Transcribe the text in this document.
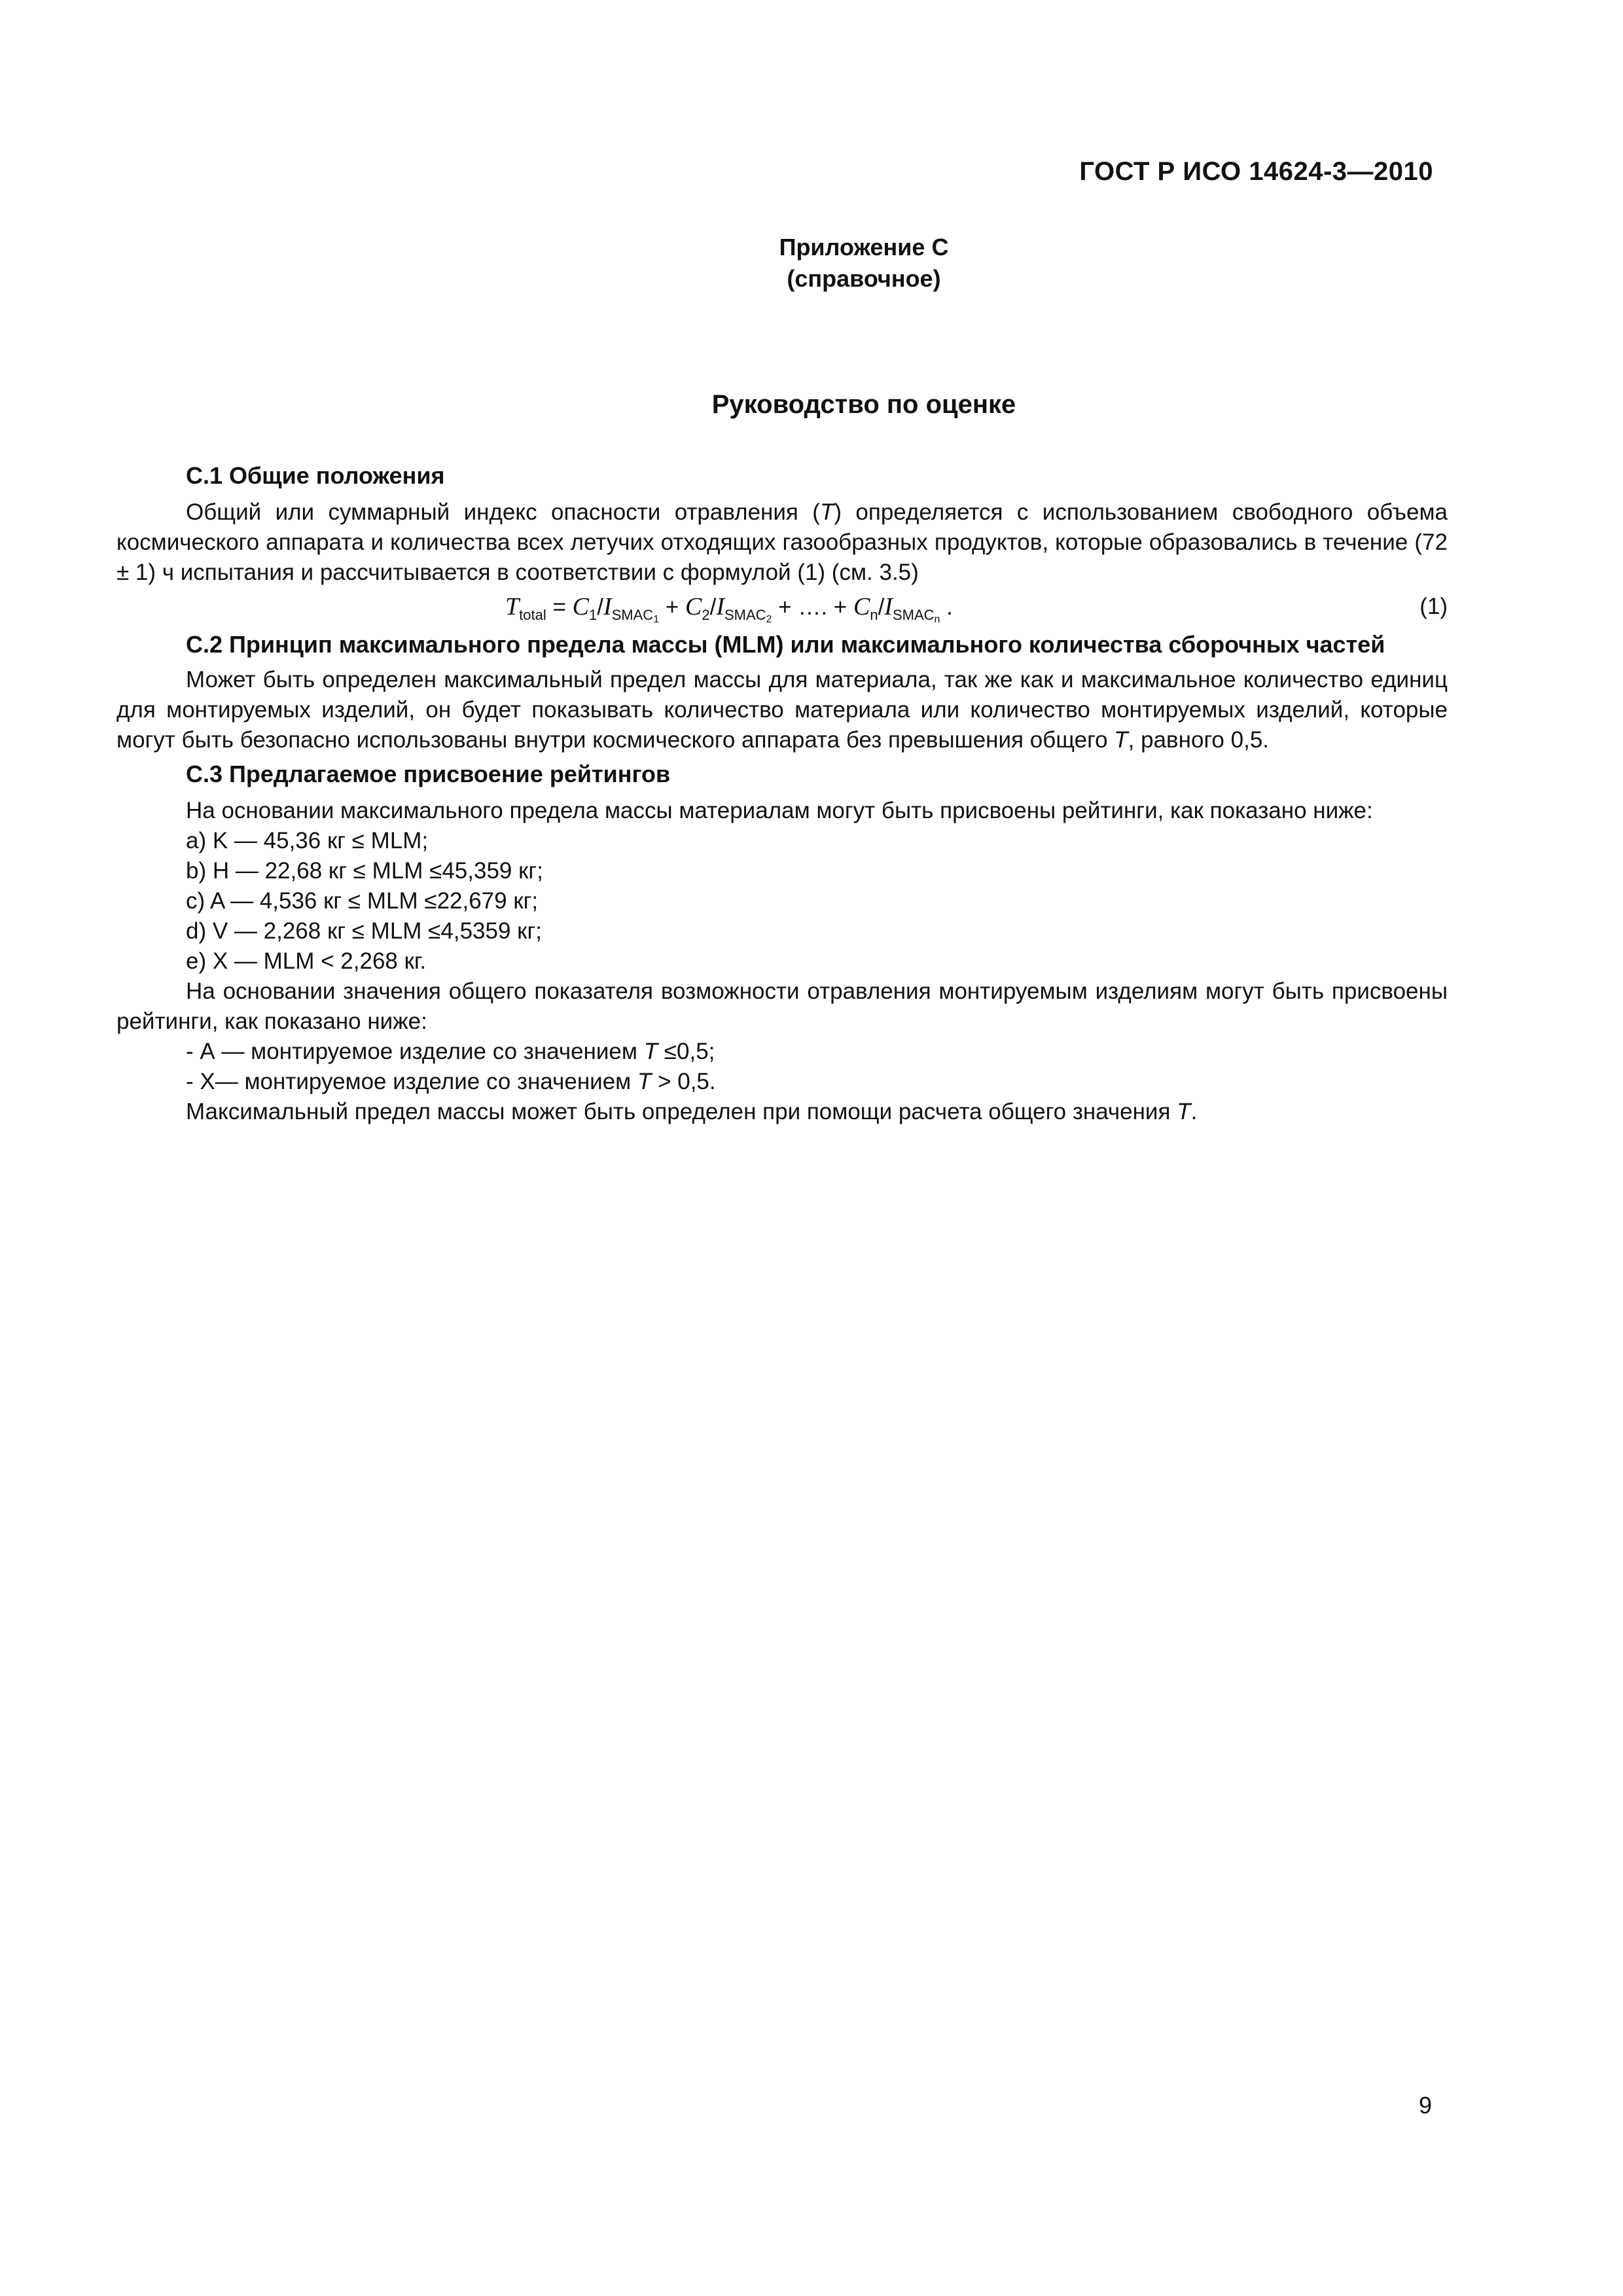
ГОСТ Р ИСО 14624-3—2010
Приложение С
(справочное)
Руководство по оценке

С.1 Общие положения

Общий или суммарный индекс опасности отравления (T) определяется с использованием свободного объема космического аппарата и количества всех летучих отходящих газообразных продуктов, которые образовались в течение (72 ± 1) ч испытания и рассчитывается в соответствии с формулой (1) (см. 3.5)

$T_{total} = C_1/I_{SMAC_1} + C_2/I_{SMAC_2}$ + …. + $C_n/I_{SMAC_n}$ .	(1)

С.2 Принцип максимального предела массы (MLM) или максимального количества сборочных частей

Может быть определен максимальный предел массы для материала, так же как и максимальное количество единиц для монтируемых изделий, он будет показывать количество материала или количество монтируемых изделий, которые могут быть безопасно использованы внутри космического аппарата без превышения общего T, равного 0,5.

С.3 Предлагаемое присвоение рейтингов

На основании максимального предела массы материалам могут быть присвоены рейтинги, как показано ниже:

a) K — 45,36 кг ≤ MLM;
b) H — 22,68 кг ≤ MLM ≤45,359 кг;
c) A — 4,536 кг ≤ MLM ≤22,679 кг;
d) V — 2,268 кг ≤ MLM ≤4,5359 кг;
e) X — MLM < 2,268 кг.

На основании значения общего показателя возможности отравления монтируемым изделиям могут быть присвоены рейтинги, как показано ниже:

- А — монтируемое изделие со значением T ≤0,5;

- Х— монтируемое изделие со значением T > 0,5.

Максимальный предел массы может быть определен при помощи расчета общего значения T.

9
